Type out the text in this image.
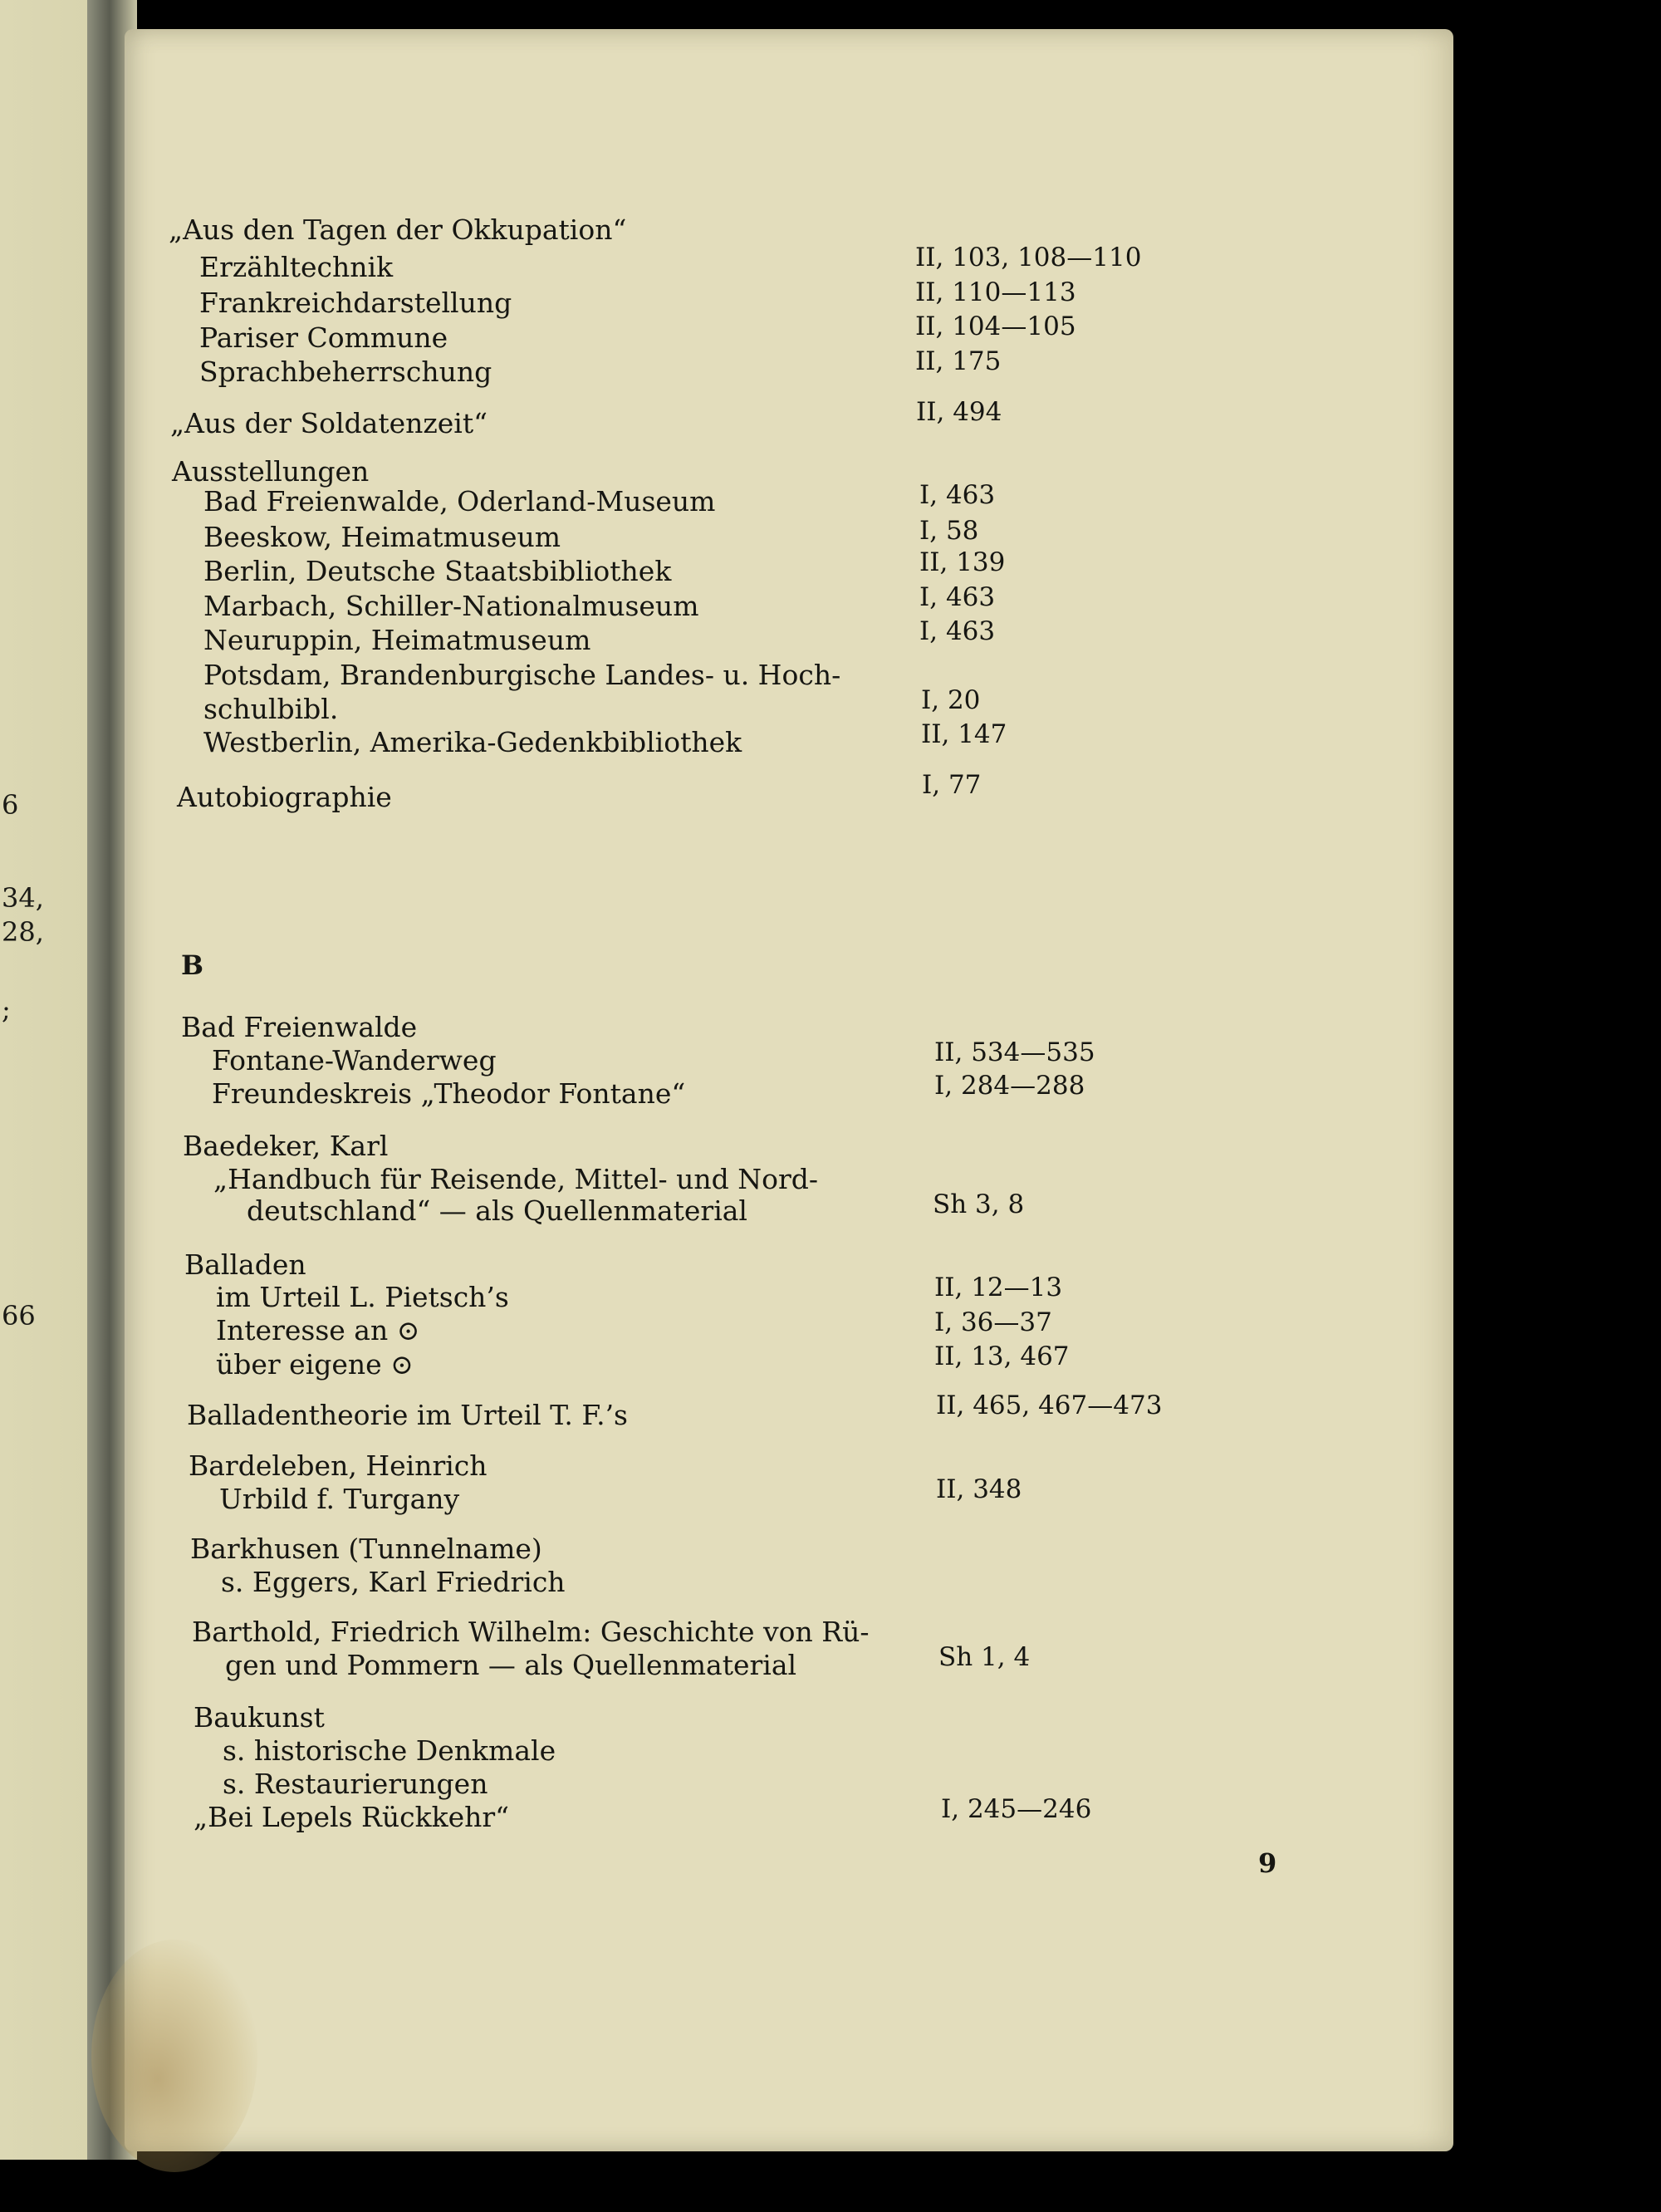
6
34,
28,
;
66
„Aus den Tagen der Okkupation“
Erzähltechnik	II, 103, 108—110
Frankreichdarstellung	II, 110—113
Pariser Commune	II, 104—105
Sprachbeherrschung	II, 175
„Aus der Soldatenzeit“	II, 494
Ausstellungen
Bad Freienwalde, Oderland-Museum	I, 463
Beeskow, Heimatmuseum	I, 58
Berlin, Deutsche Staatsbibliothek	II, 139
Marbach, Schiller-Nationalmuseum	I, 463
Neuruppin, Heimatmuseum	I, 463
Potsdam, Brandenburgische Landes- u. Hoch-
schulbibl.	I, 20
Westberlin, Amerika-Gedenkbibliothek	II, 147
Autobiographie	I, 77
B
Bad Freienwalde
Fontane-Wanderweg	II, 534—535
Freundeskreis „Theodor Fontane“	I, 284—288
Baedeker, Karl
„Handbuch für Reisende, Mittel- und Nord-
deutschland“ — als Quellenmaterial	Sh 3, 8
Balladen
im Urteil L. Pietsch’s	II, 12—13
Interesse an ⊙	I, 36—37
über eigene ⊙	II, 13, 467
Balladentheorie im Urteil T. F.’s	II, 465, 467—473
Bardeleben, Heinrich
Urbild f. Turgany	II, 348
Barkhusen (Tunnelname)
s. Eggers, Karl Friedrich
Barthold, Friedrich Wilhelm: Geschichte von Rü-
gen und Pommern — als Quellenmaterial	Sh 1, 4
Baukunst
s. historische Denkmale
s. Restaurierungen
„Bei Lepels Rückkehr“	I, 245—246
9
